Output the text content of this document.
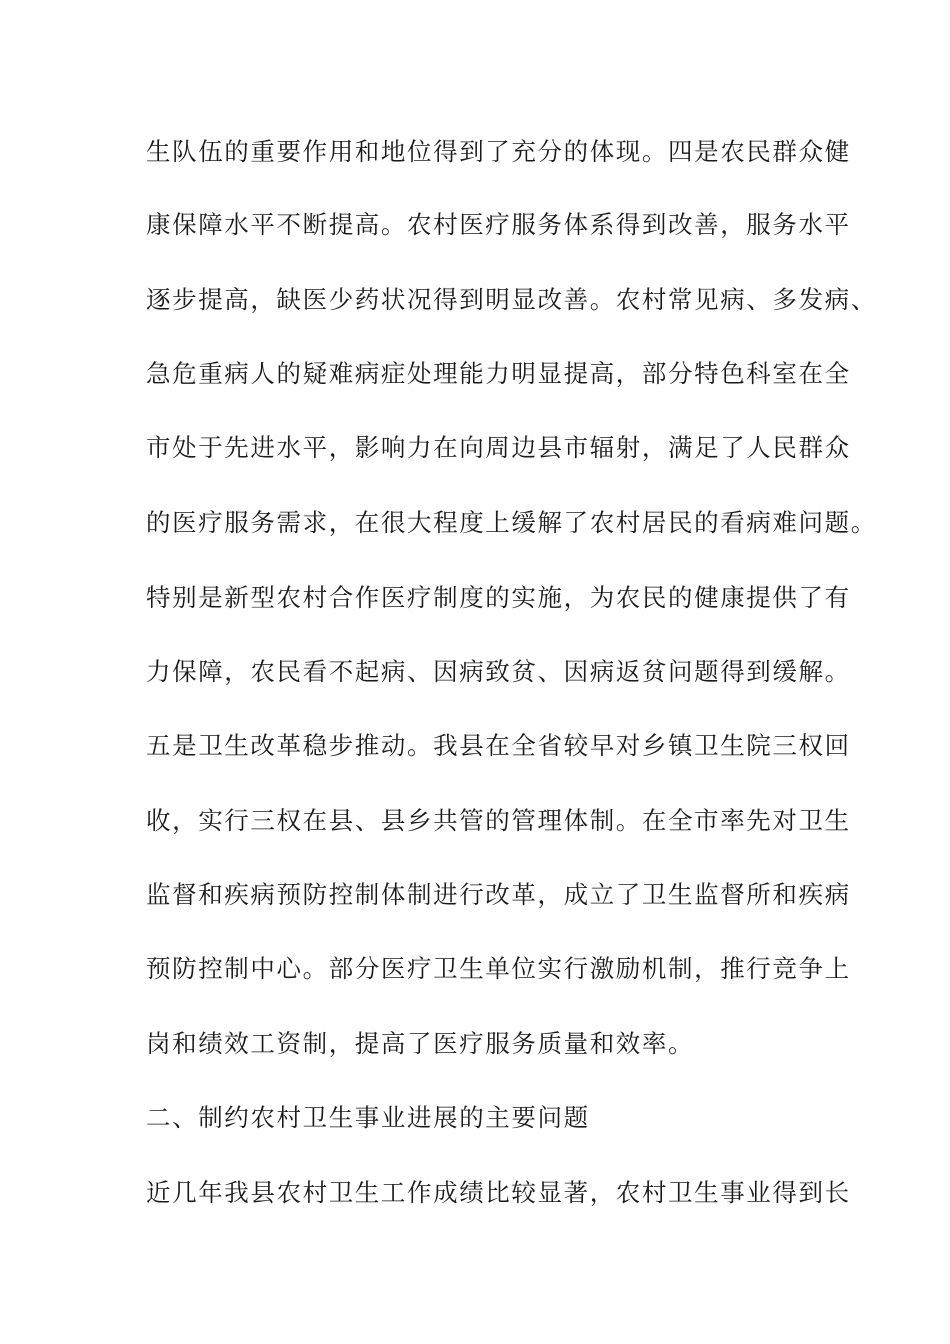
生队伍的重要作用和地位得到了充分的体现。四是农民群众健
康保障水平不断提高。农村医疗服务体系得到改善，服务水平
逐步提高，缺医少药状况得到明显改善。农村常见病、多发病、
急危重病人的疑难病症处理能力明显提高，部分特色科室在全
市处于先进水平，影响力在向周边县市辐射，满足了人民群众
的医疗服务需求，在很大程度上缓解了农村居民的看病难问题。
特别是新型农村合作医疗制度的实施，为农民的健康提供了有
力保障，农民看不起病、因病致贫、因病返贫问题得到缓解。
五是卫生改革稳步推动。我县在全省较早对乡镇卫生院三权回
收，实行三权在县、县乡共管的管理体制。在全市率先对卫生
监督和疾病预防控制体制进行改革，成立了卫生监督所和疾病
预防控制中心。部分医疗卫生单位实行激励机制，推行竞争上
岗和绩效工资制，提高了医疗服务质量和效率。
二、制约农村卫生事业进展的主要问题
近几年我县农村卫生工作成绩比较显著，农村卫生事业得到长
